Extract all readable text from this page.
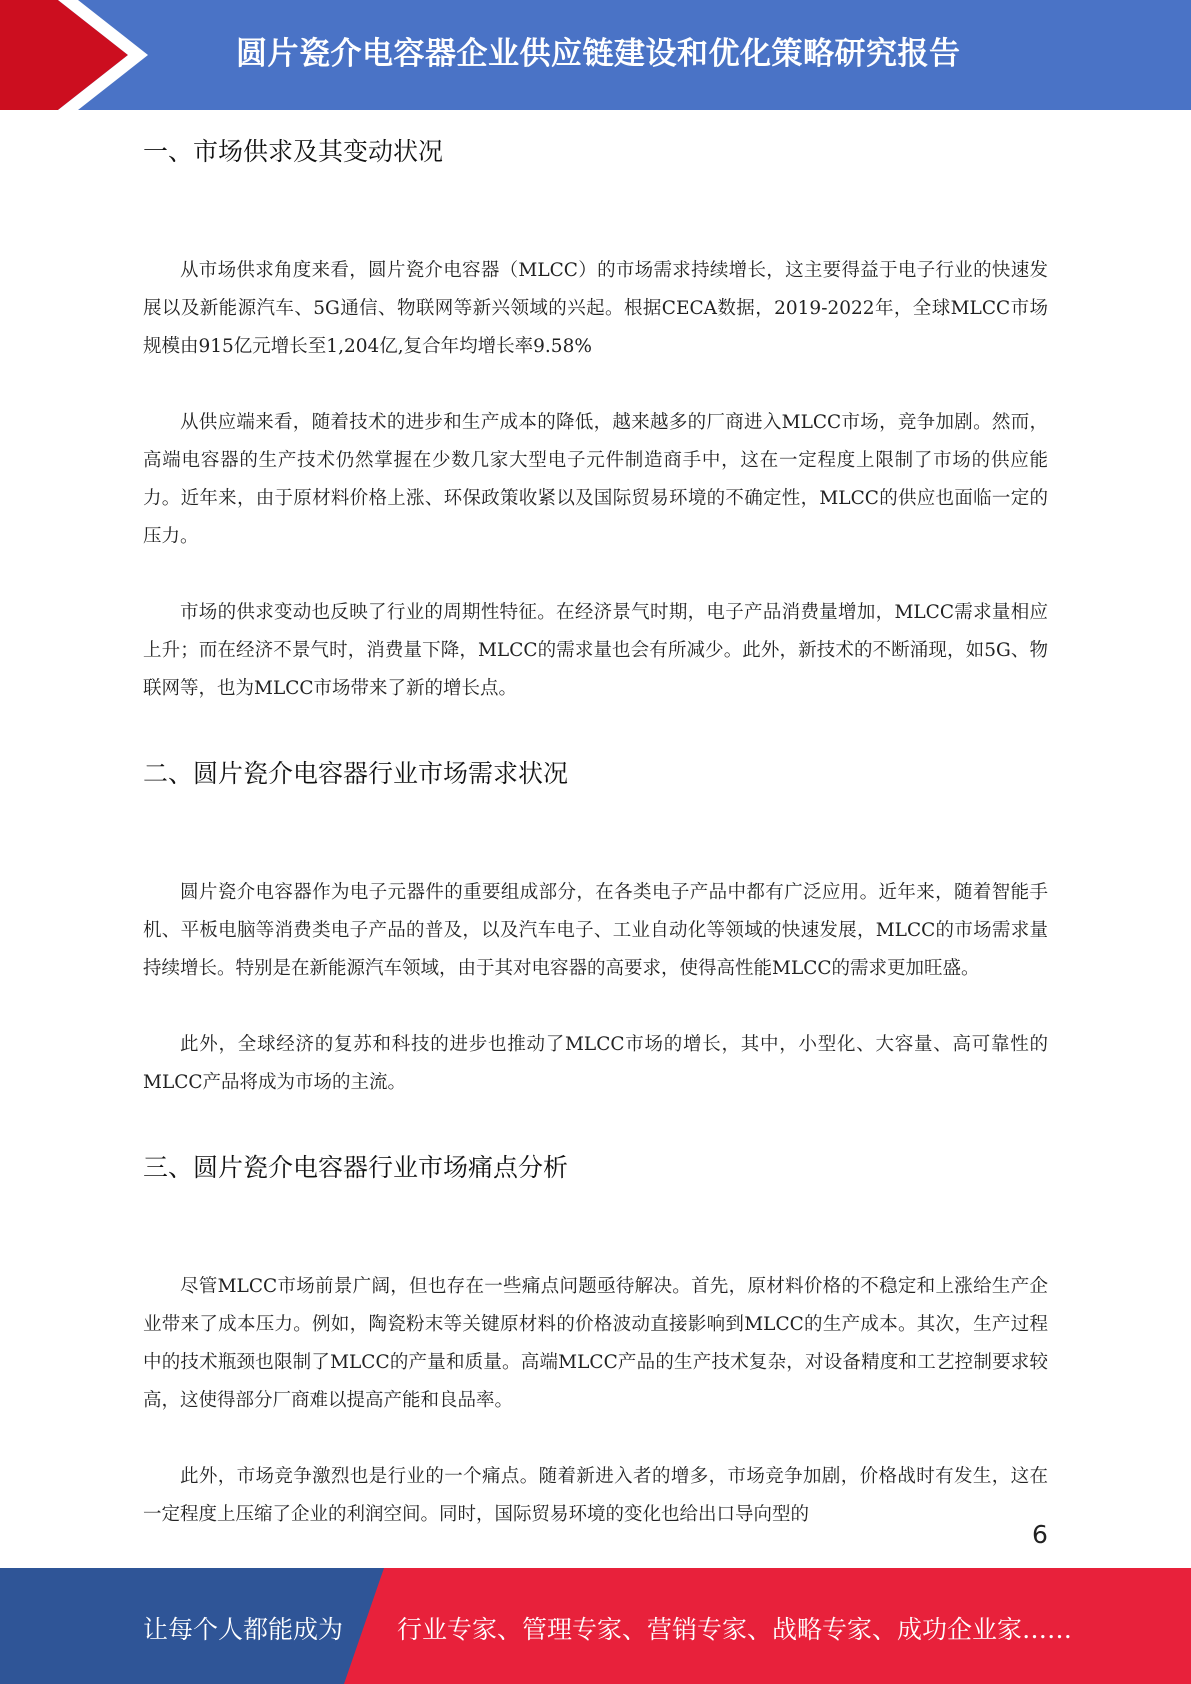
圆片瓷介电容器企业供应链建设和优化策略研究报告
一、市场供求及其变动状况

从市场供求角度来看，圆片瓷介电容器（MLCC）的市场需求持续增长，这主要得益于电子行业的快速发展以及新能源汽车、5G通信、物联网等新兴领域的兴起。根据CECA数据，2019-2022年，全球MLCC市场规模由915亿元增长至1,204亿,复合年均增长率9.58%

从供应端来看，随着技术的进步和生产成本的降低，越来越多的厂商进入MLCC市场，竞争加剧。然而，高端电容器的生产技术仍然掌握在少数几家大型电子元件制造商手中，这在一定程度上限制了市场的供应能力。近年来，由于原材料价格上涨、环保政策收紧以及国际贸易环境的不确定性，MLCC的供应也面临一定的压力。

市场的供求变动也反映了行业的周期性特征。在经济景气时期，电子产品消费量增加，MLCC需求量相应上升；而在经济不景气时，消费量下降，MLCC的需求量也会有所减少。此外，新技术的不断涌现，如5G、物联网等，也为MLCC市场带来了新的增长点。

二、圆片瓷介电容器行业市场需求状况

圆片瓷介电容器作为电子元器件的重要组成部分，在各类电子产品中都有广泛应用。近年来，随着智能手机、平板电脑等消费类电子产品的普及，以及汽车电子、工业自动化等领域的快速发展，MLCC的市场需求量持续增长。特别是在新能源汽车领域，由于其对电容器的高要求，使得高性能MLCC的需求更加旺盛。

此外，全球经济的复苏和科技的进步也推动了MLCC市场的增长，其中，小型化、大容量、高可靠性的MLCC产品将成为市场的主流。

三、圆片瓷介电容器行业市场痛点分析

尽管MLCC市场前景广阔，但也存在一些痛点问题亟待解决。首先，原材料价格的不稳定和上涨给生产企业带来了成本压力。例如，陶瓷粉末等关键原材料的价格波动直接影响到MLCC的生产成本。其次，生产过程中的技术瓶颈也限制了MLCC的产量和质量。高端MLCC产品的生产技术复杂，对设备精度和工艺控制要求较高，这使得部分厂商难以提高产能和良品率。

此外，市场竞争激烈也是行业的一个痛点。随着新进入者的增多，市场竞争加剧，价格战时有发生，这在一定程度上压缩了企业的利润空间。同时，国际贸易环境的变化也给出口导向型的

6
让每个人都能成为 行业专家、管理专家、营销专家、战略专家、成功企业家……
